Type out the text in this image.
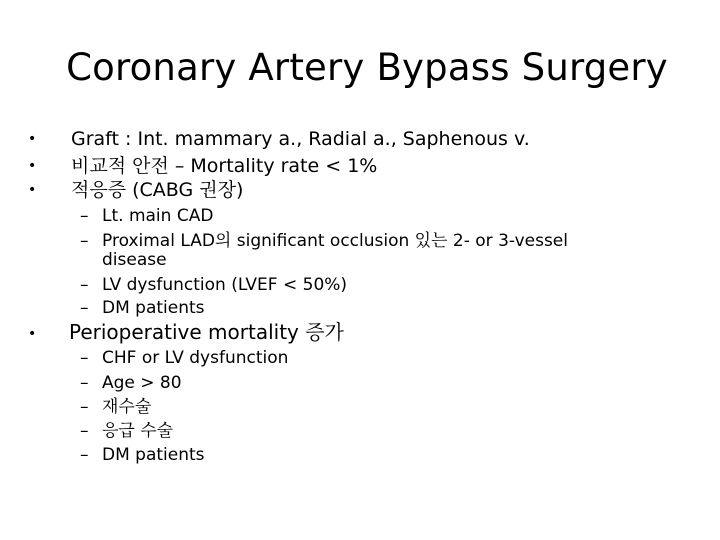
Coronary Artery Bypass Surgery
• Graft : Int. mammary a., Radial a., Saphenous v.
• 비교적 안전 – Mortality rate < 1%
• 적응증 (CABG 권장)
– Lt. main CAD
– Proximal LAD의 significant occlusion 있는 2- or 3-vessel
disease
– LV dysfunction (LVEF < 50%)
– DM patients
• Perioperative mortality 증가
– CHF or LV dysfunction
– Age > 80
– 재수술
– 응급 수술
– DM patients
